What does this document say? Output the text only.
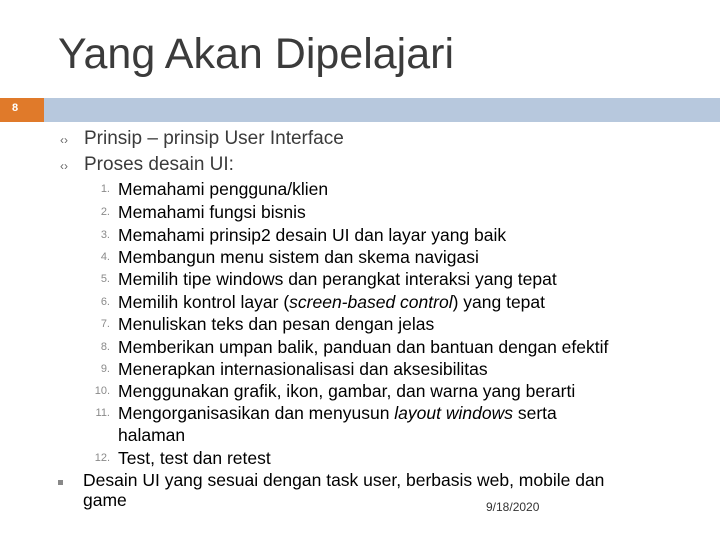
Yang Akan Dipelajari
8
‹› Prinsip – prinsip User Interface
‹› Proses desain UI:
1. Memahami pengguna/klien
2. Memahami fungsi bisnis
3. Memahami prinsip2 desain UI dan layar yang baik
4. Membangun menu sistem dan skema navigasi
5. Memilih tipe windows dan perangkat interaksi yang tepat
6. Memilih kontrol layar (screen-based control) yang tepat
7. Menuliskan teks dan pesan dengan jelas
8. Memberikan umpan balik, panduan dan bantuan dengan efektif
9. Menerapkan internasionalisasi dan aksesibilitas
10. Menggunakan grafik, ikon, gambar, dan warna yang berarti
11. Mengorganisasikan dan menyusun layout windows serta
12. Test, test dan retest
halaman
Desain UI yang sesuai dengan task user, berbasis web, mobile dan
game	9/18/2020
